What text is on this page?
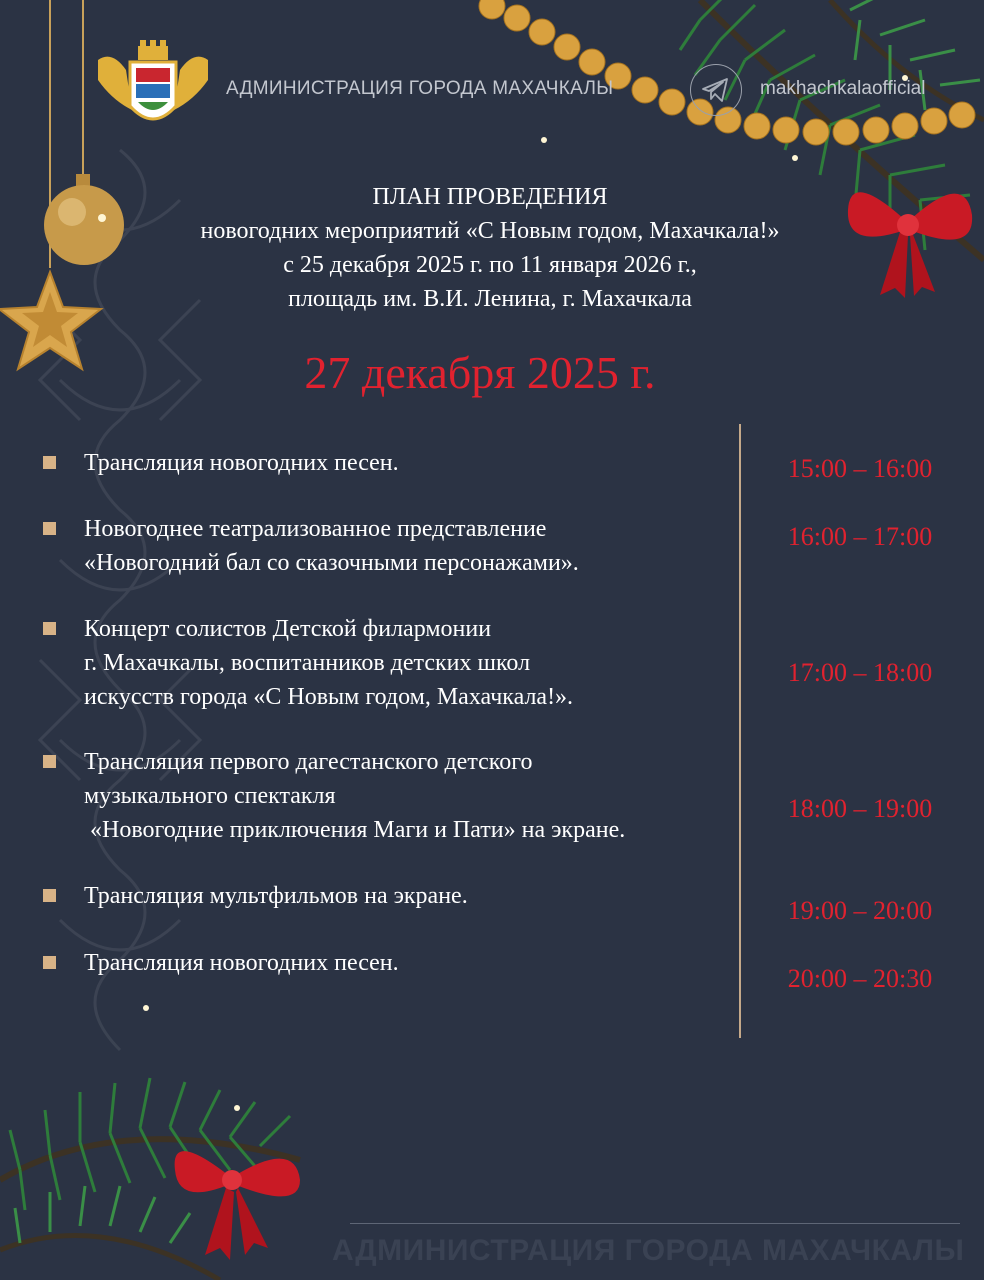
АДМИНИСТРАЦИЯ ГОРОДА МАХАЧКАЛЫ	makhachkalaofficial
ПЛАН ПРОВЕДЕНИЯ
новогодних мероприятий «С Новым годом, Махачкала!»
с 25 декабря 2025 г. по 11 января 2026 г.,
площадь им. В.И. Ленина, г. Махачкала
27 декабря 2025 г.
Трансляция новогодних песен.	15:00 – 16:00
Новогоднее театрализованное представление
«Новогодний бал со сказочными персонажами».
16:00 – 17:00
Концерт солистов Детской филармонии
г. Махачкалы, воспитанников детских школ
искусств города «С Новым годом, Махачкала!».
17:00 – 18:00
Трансляция первого дагестанского детского
музыкального спектакля
«Новогодние приключения Маги и Пати» на экране.
18:00 – 19:00
Трансляция мультфильмов на экране.	19:00 – 20:00
Трансляция новогодних песен.
20:00 – 20:30
АДМИНИСТРАЦИЯ ГОРОДА МАХАЧКАЛЫ
